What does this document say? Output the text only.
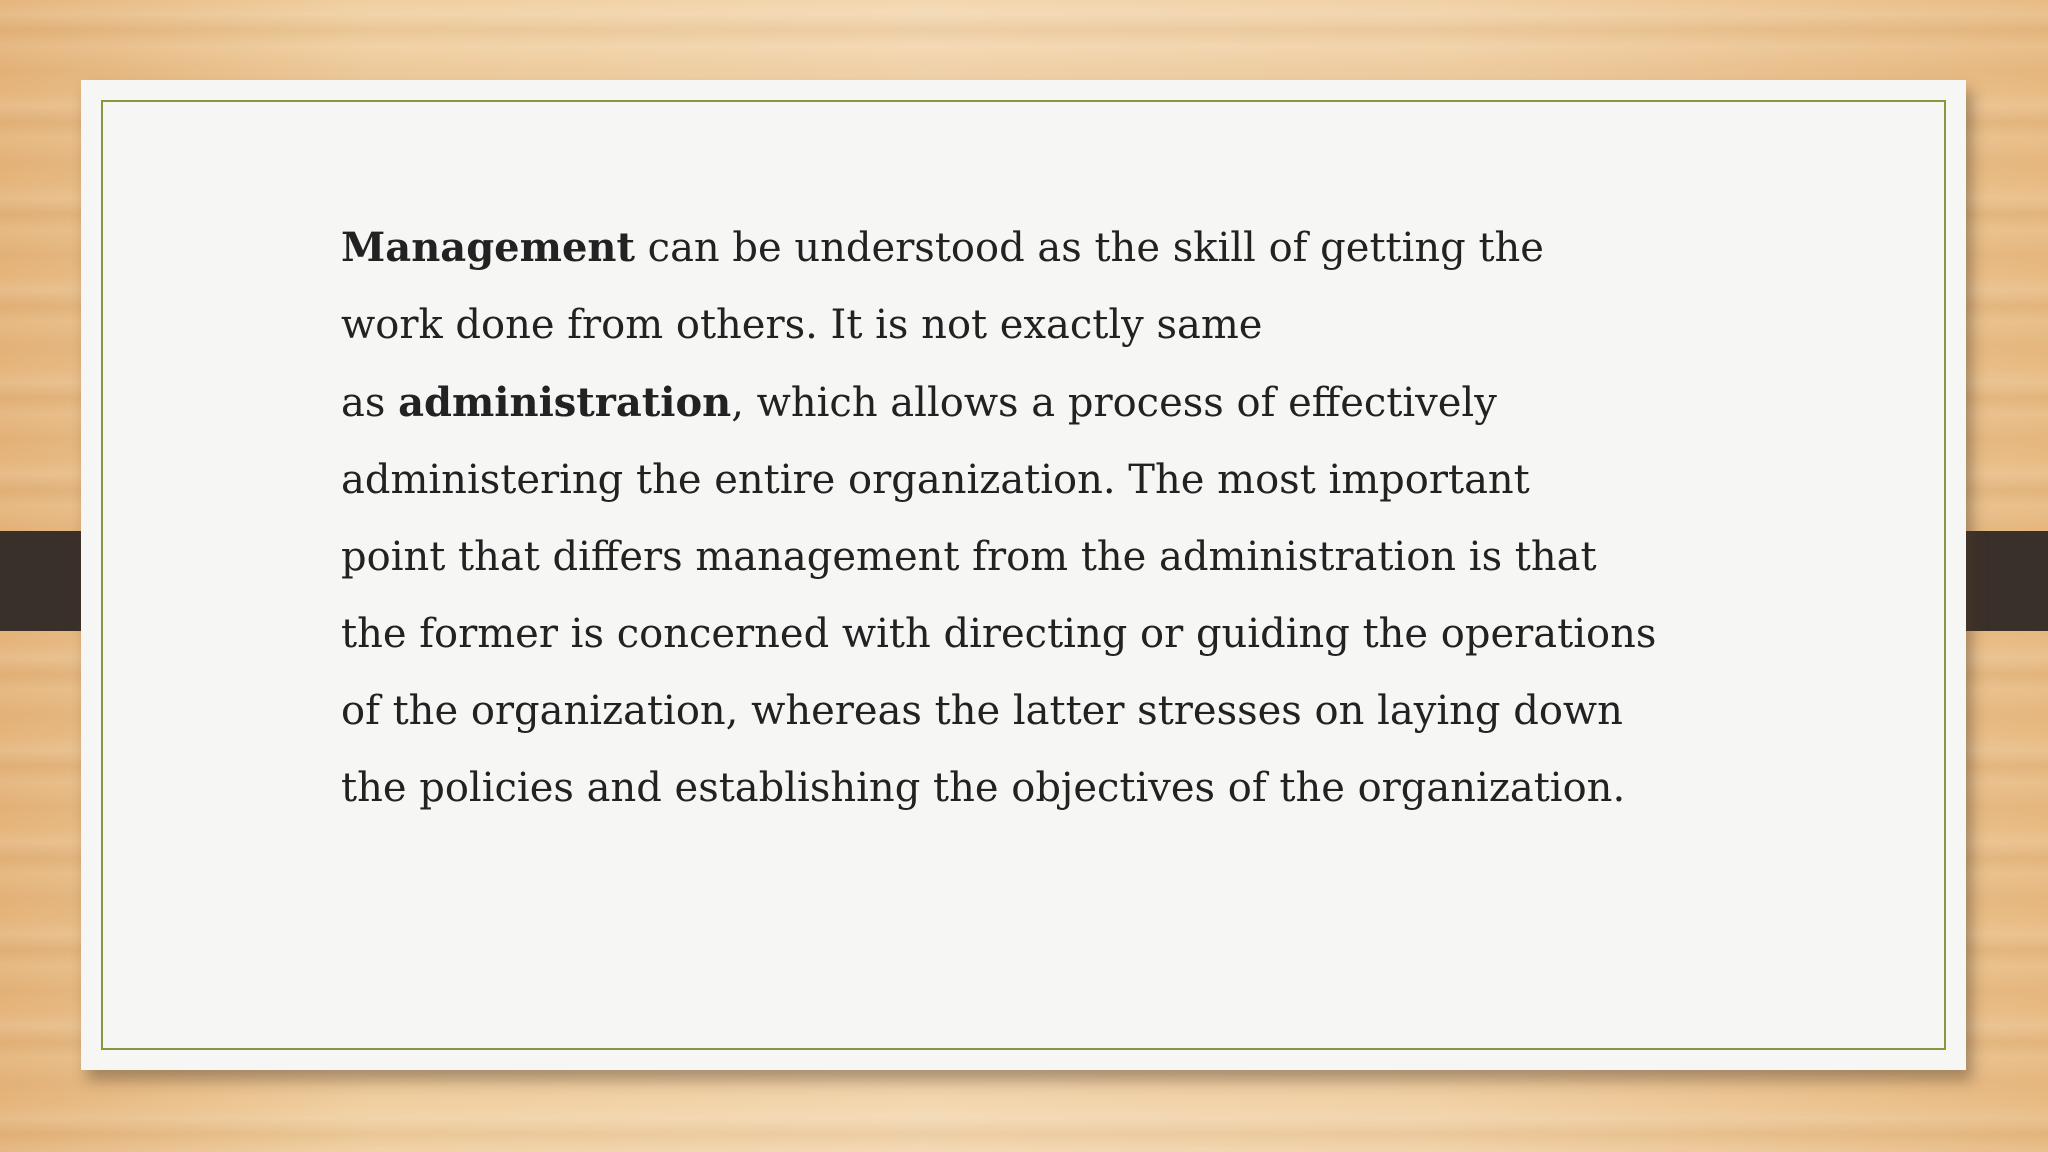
Management can be understood as the skill of getting the
work done from others. It is not exactly same
as administration, which allows a process of effectively
administering the entire organization. The most important
point that differs management from the administration is that
the former is concerned with directing or guiding the operations
of the organization, whereas the latter stresses on laying down
the policies and establishing the objectives of the organization.
